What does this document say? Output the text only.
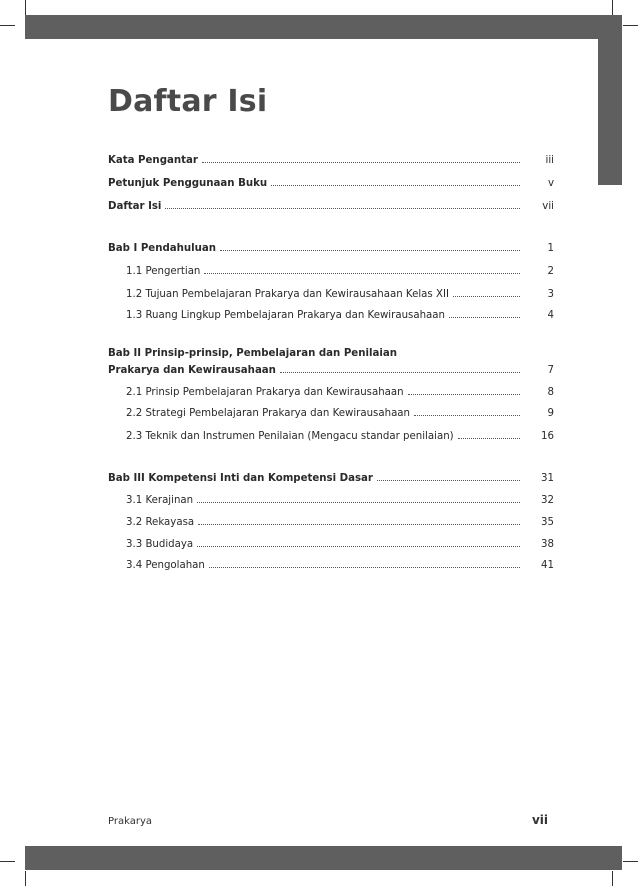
Daftar Isi
Kata Pengantar	iii
Petunjuk Penggunaan Buku	v
Daftar Isi	vii
Bab I Pendahuluan	1
1.1 Pengertian	2
1.2 Tujuan Pembelajaran Prakarya dan Kewirausahaan Kelas XII	3
1.3 Ruang Lingkup Pembelajaran Prakarya dan Kewirausahaan	4
Bab II Prinsip-prinsip, Pembelajaran dan Penilaian
Prakarya dan Kewirausahaan	7
2.1 Prinsip Pembelajaran Prakarya dan Kewirausahaan	8
2.2 Strategi Pembelajaran Prakarya dan Kewirausahaan	9
2.3 Teknik dan Instrumen Penilaian (Mengacu standar penilaian)	16
Bab III Kompetensi Inti dan Kompetensi Dasar	31
3.1 Kerajinan	32
3.2 Rekayasa	35
3.3 Budidaya	38
3.4 Pengolahan	41
Prakarya	vii
